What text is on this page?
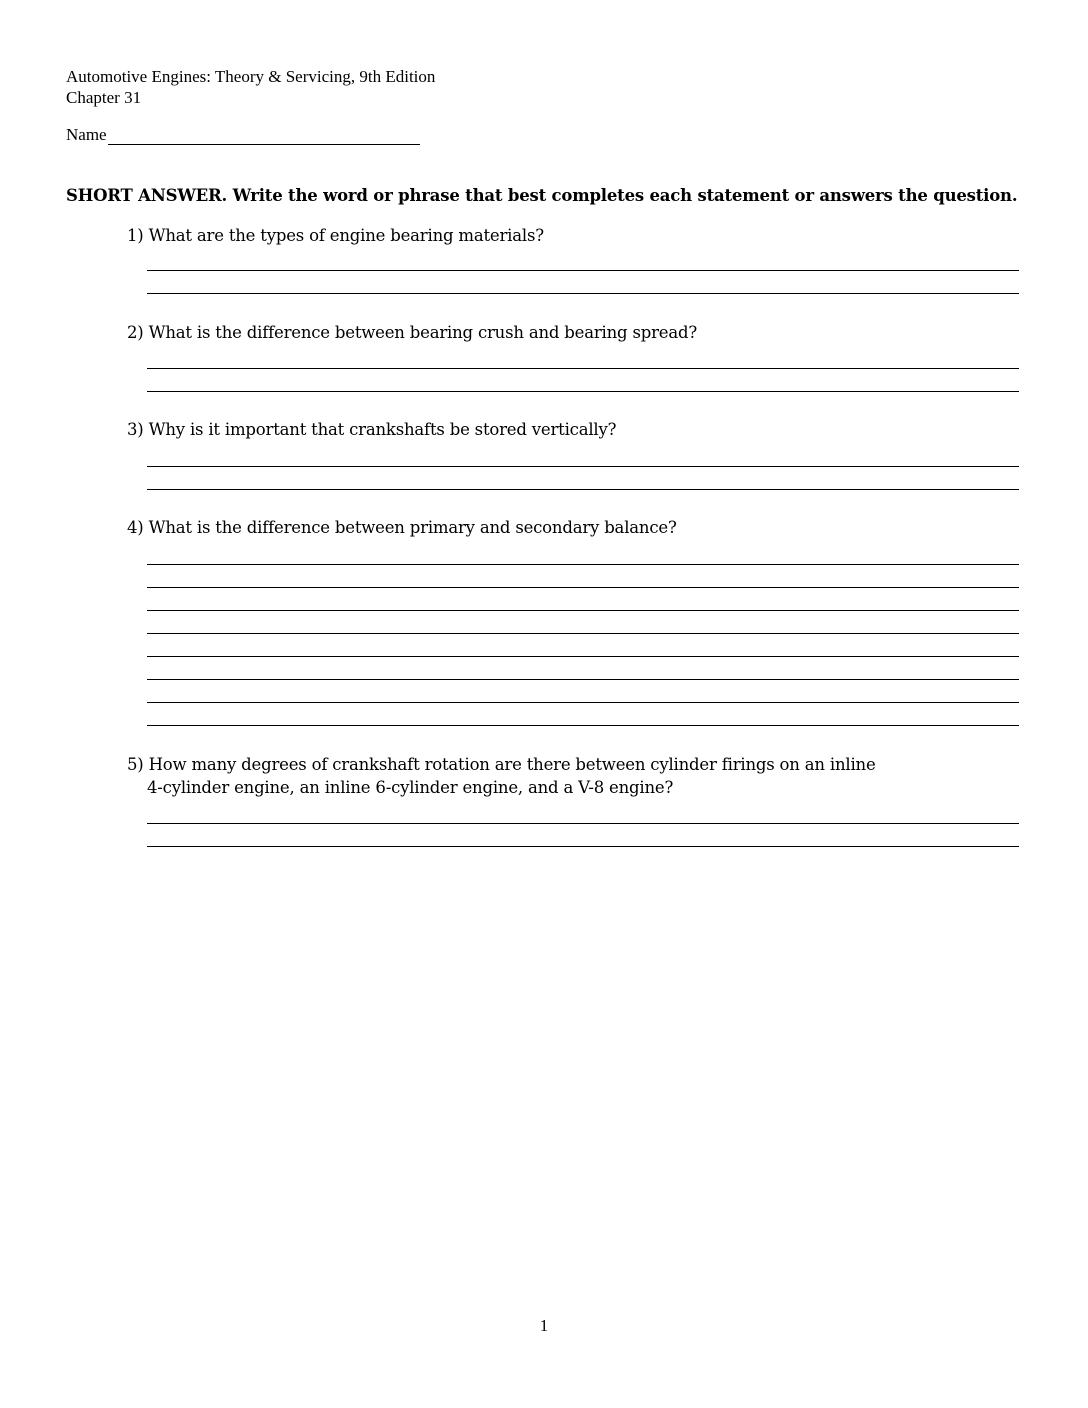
Automotive Engines: Theory & Servicing, 9th Edition
Chapter 31
Name
SHORT ANSWER. Write the word or phrase that best completes each statement or answers the question.
1) What are the types of engine bearing materials?
2) What is the difference between bearing crush and bearing spread?
3) Why is it important that crankshafts be stored vertically?
4) What is the difference between primary and secondary balance?
5) How many degrees of crankshaft rotation are there between cylinder firings on an inline
4-cylinder engine, an inline 6-cylinder engine, and a V-8 engine?
1
